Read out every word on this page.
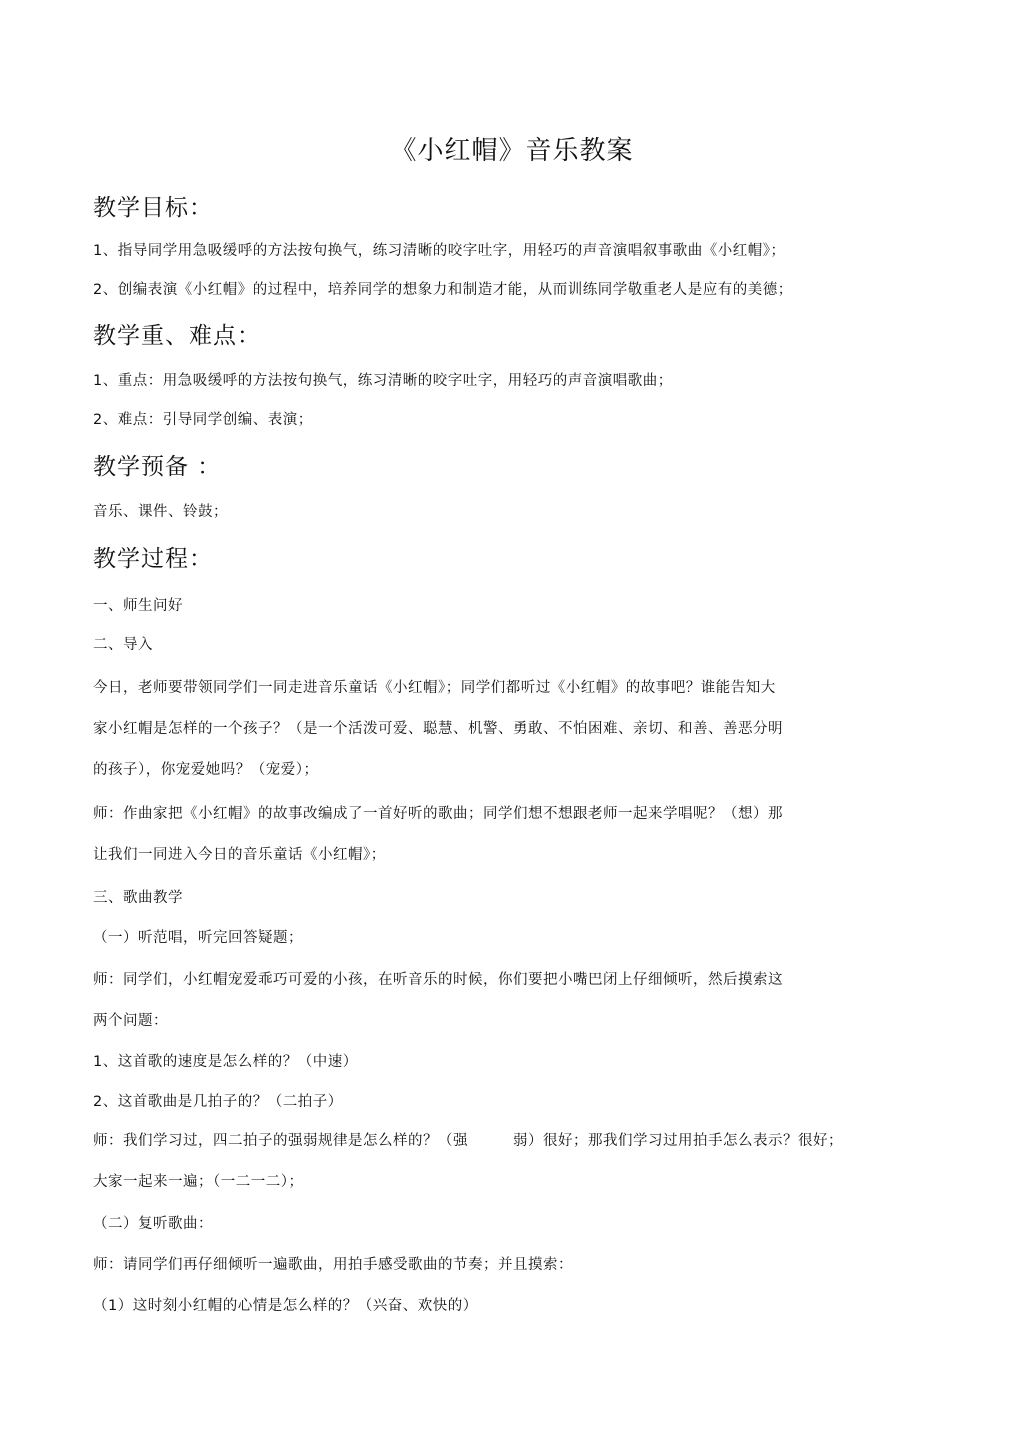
《小红帽》音乐教案
教学目标：
1、指导同学用急吸缓呼的方法按句换气，练习清晰的咬字吐字，用轻巧的声音演唱叙事歌曲《小红帽》；
2、创编表演《小红帽》的过程中，培养同学的想象力和制造才能，从而训练同学敬重老人是应有的美德；
教学重、难点：
1、重点：用急吸缓呼的方法按句换气，练习清晰的咬字吐字，用轻巧的声音演唱歌曲；
2、难点：引导同学创编、表演；
教学预备 ：
音乐、课件、铃鼓；
教学过程：
一、师生问好
二、导入
今日，老师要带领同学们一同走进音乐童话《小红帽》；同学们都听过《小红帽》的故事吧？谁能告知大
家小红帽是怎样的一个孩子？（是一个活泼可爱、聪慧、机警、勇敢、不怕困难、亲切、和善、善恶分明
的孩子），你宠爱她吗？（宠爱）；
师：作曲家把《小红帽》的故事改编成了一首好听的歌曲；同学们想不想跟老师一起来学唱呢？（想）那
让我们一同进入今日的音乐童话《小红帽》；
三、歌曲教学
（一）听范唱，听完回答疑题；
师：同学们，小红帽宠爱乖巧可爱的小孩，在听音乐的时候，你们要把小嘴巴闭上仔细倾听，然后摸索这
两个问题：
1、这首歌的速度是怎么样的？（中速）
2、这首歌曲是几拍子的？（二拍子）
师：我们学习过，四二拍子的强弱规律是怎么样的？（强　　　弱）很好；那我们学习过用拍手怎么表示？很好；
大家一起来一遍；（一二一二）；
（二）复听歌曲：
师：请同学们再仔细倾听一遍歌曲，用拍手感受歌曲的节奏；并且摸索：
（1）这时刻小红帽的心情是怎么样的？（兴奋、欢快的）
